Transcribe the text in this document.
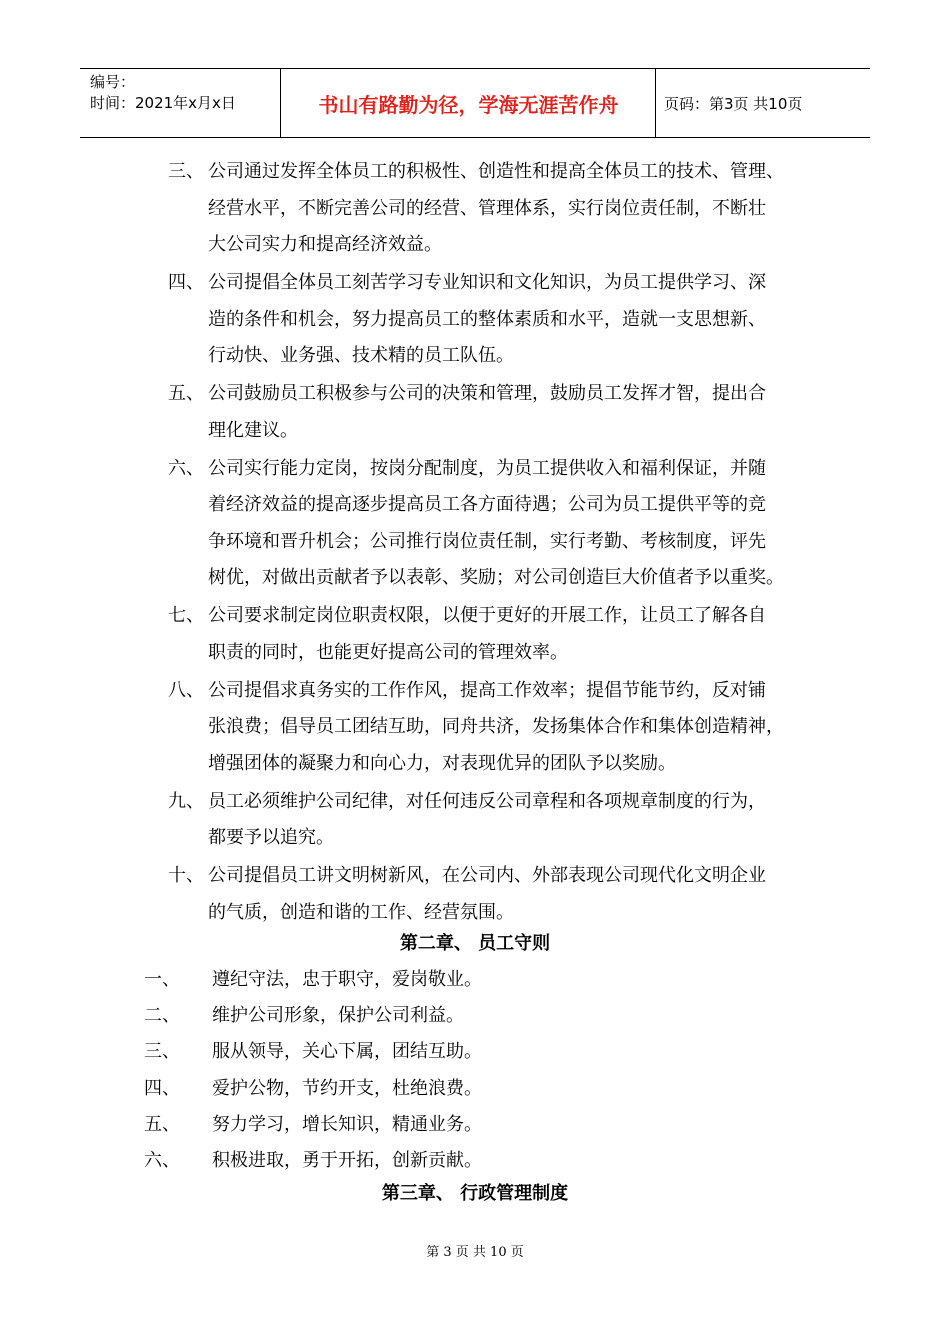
编号：
时间：2021年x月x日	书山有路勤为径，学海无涯苦作舟	页码：第3页 共10页
三、 公司通过发挥全体员工的积极性、创造性和提高全体员工的技术、管理、
经营水平，不断完善公司的经营、管理体系，实行岗位责任制，不断壮
大公司实力和提高经济效益。
四、 公司提倡全体员工刻苦学习专业知识和文化知识，为员工提供学习、深
造的条件和机会，努力提高员工的整体素质和水平，造就一支思想新、
行动快、业务强、技术精的员工队伍。
五、 公司鼓励员工积极参与公司的决策和管理，鼓励员工发挥才智，提出合
理化建议。
六、 公司实行能力定岗，按岗分配制度，为员工提供收入和福利保证，并随
着经济效益的提高逐步提高员工各方面待遇；公司为员工提供平等的竞
争环境和晋升机会；公司推行岗位责任制，实行考勤、考核制度，评先
树优，对做出贡献者予以表彰、奖励；对公司创造巨大价值者予以重奖。
七、 公司要求制定岗位职责权限，以便于更好的开展工作，让员工了解各自
职责的同时，也能更好提高公司的管理效率。
八、 公司提倡求真务实的工作作风，提高工作效率；提倡节能节约，反对铺
张浪费；倡导员工团结互助，同舟共济，发扬集体合作和集体创造精神，
增强团体的凝聚力和向心力，对表现优异的团队予以奖励。
九、 员工必须维护公司纪律，对任何违反公司章程和各项规章制度的行为，
都要予以追究。
十、 公司提倡员工讲文明树新风，在公司内、外部表现公司现代化文明企业
的气质，创造和谐的工作、经营氛围。
第二章、 员工守则
一、 遵纪守法，忠于职守，爱岗敬业。
二、 维护公司形象，保护公司利益。
三、 服从领导，关心下属，团结互助。
四、 爱护公物，节约开支，杜绝浪费。
五、 努力学习，增长知识，精通业务。
六、 积极进取，勇于开拓，创新贡献。
第三章、 行政管理制度
第 3 页 共 10 页
